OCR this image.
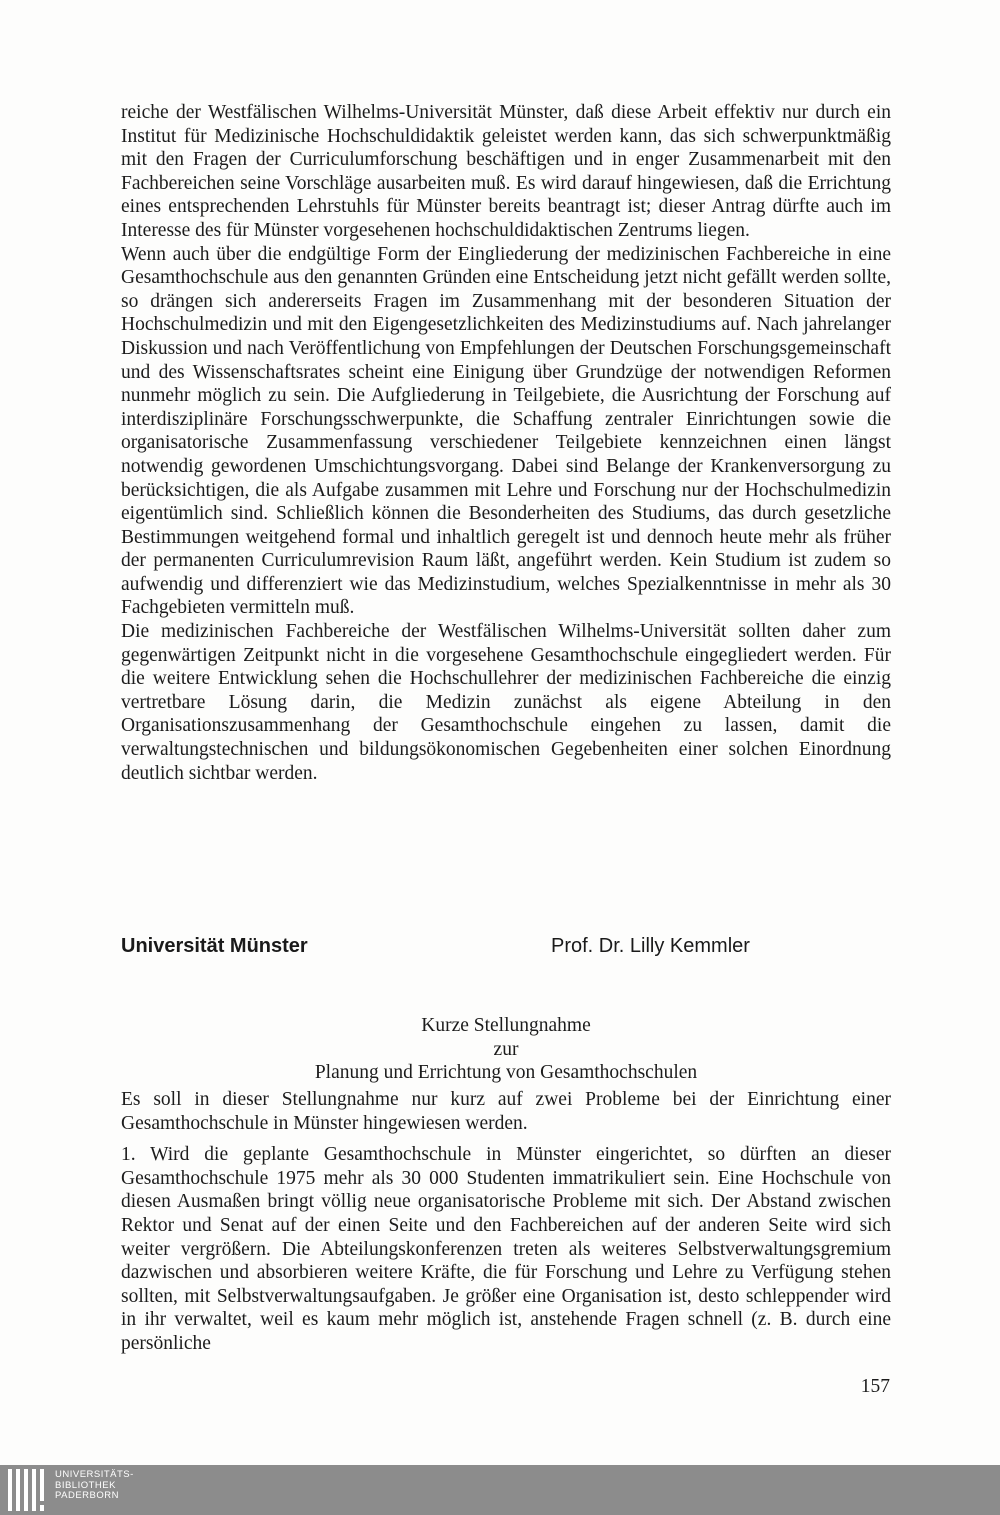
reiche der Westfälischen Wilhelms-Universität Münster, daß diese Arbeit effektiv nur durch ein Institut für Medizinische Hochschuldidaktik geleistet werden kann, das sich schwerpunktmäßig mit den Fragen der Curriculumforschung beschäftigen und in enger Zusammenarbeit mit den Fachbereichen seine Vorschläge ausarbeiten muß. Es wird darauf hingewiesen, daß die Errichtung eines entsprechenden Lehrstuhls für Münster bereits beantragt ist; dieser Antrag dürfte auch im Interesse des für Münster vorgesehenen hochschuldidaktischen Zentrums liegen.

Wenn auch über die endgültige Form der Eingliederung der medizinischen Fachbereiche in eine Gesamthochschule aus den genannten Gründen eine Entscheidung jetzt nicht gefällt werden sollte, so drängen sich andererseits Fragen im Zusammenhang mit der besonderen Situation der Hochschulmedizin und mit den Eigengesetzlichkeiten des Medizinstudiums auf. Nach jahrelanger Diskussion und nach Veröffentlichung von Empfehlungen der Deutschen Forschungsgemeinschaft und des Wissenschaftsrates scheint eine Einigung über Grundzüge der notwendigen Reformen nunmehr möglich zu sein. Die Aufgliederung in Teilgebiete, die Ausrichtung der Forschung auf interdisziplinäre Forschungsschwerpunkte, die Schaffung zentraler Einrichtungen sowie die organisatorische Zusammenfassung verschiedener Teilgebiete kennzeichnen einen längst notwendig gewordenen Umschichtungsvorgang. Dabei sind Belange der Krankenversorgung zu berücksichtigen, die als Aufgabe zusammen mit Lehre und Forschung nur der Hochschulmedizin eigentümlich sind. Schließlich können die Besonderheiten des Studiums, das durch gesetzliche Bestimmungen weitgehend formal und inhaltlich geregelt ist und dennoch heute mehr als früher der permanenten Curriculumrevision Raum läßt, angeführt werden. Kein Studium ist zudem so aufwendig und differenziert wie das Medizinstudium, welches Spezialkenntnisse in mehr als 30 Fachgebieten vermitteln muß.

Die medizinischen Fachbereiche der Westfälischen Wilhelms-Universität sollten daher zum gegenwärtigen Zeitpunkt nicht in die vorgesehene Gesamthochschule eingegliedert werden. Für die weitere Entwicklung sehen die Hochschullehrer der medizinischen Fachbereiche die einzig vertretbare Lösung darin, die Medizin zunächst als eigene Abteilung in den Organisationszusammenhang der Gesamthochschule eingehen zu lassen, damit die verwaltungstechnischen und bildungsökonomischen Gegebenheiten einer solchen Einordnung deutlich sichtbar werden.

Universität Münster	Prof. Dr. Lilly Kemmler
Kurze Stellungnahme
zur
Planung und Errichtung von Gesamthochschulen

Es soll in dieser Stellungnahme nur kurz auf zwei Probleme bei der Einrichtung einer Gesamthochschule in Münster hingewiesen werden.

1. Wird die geplante Gesamthochschule in Münster eingerichtet, so dürften an dieser Gesamthochschule 1975 mehr als 30 000 Studenten immatrikuliert sein. Eine Hochschule von diesen Ausmaßen bringt völlig neue organisatorische Probleme mit sich. Der Abstand zwischen Rektor und Senat auf der einen Seite und den Fachbereichen auf der anderen Seite wird sich weiter vergrößern. Die Abteilungskonferenzen treten als weiteres Selbstverwaltungsgremium dazwischen und absorbieren weitere Kräfte, die für Forschung und Lehre zu Verfügung stehen sollten, mit Selbstverwaltungsaufgaben. Je größer eine Organisation ist, desto schleppender wird in ihr verwaltet, weil es kaum mehr möglich ist, anstehende Fragen schnell (z. B. durch eine persönliche

157
UNIVERSITÄTS-
BIBLIOTHEK
PADERBORN
